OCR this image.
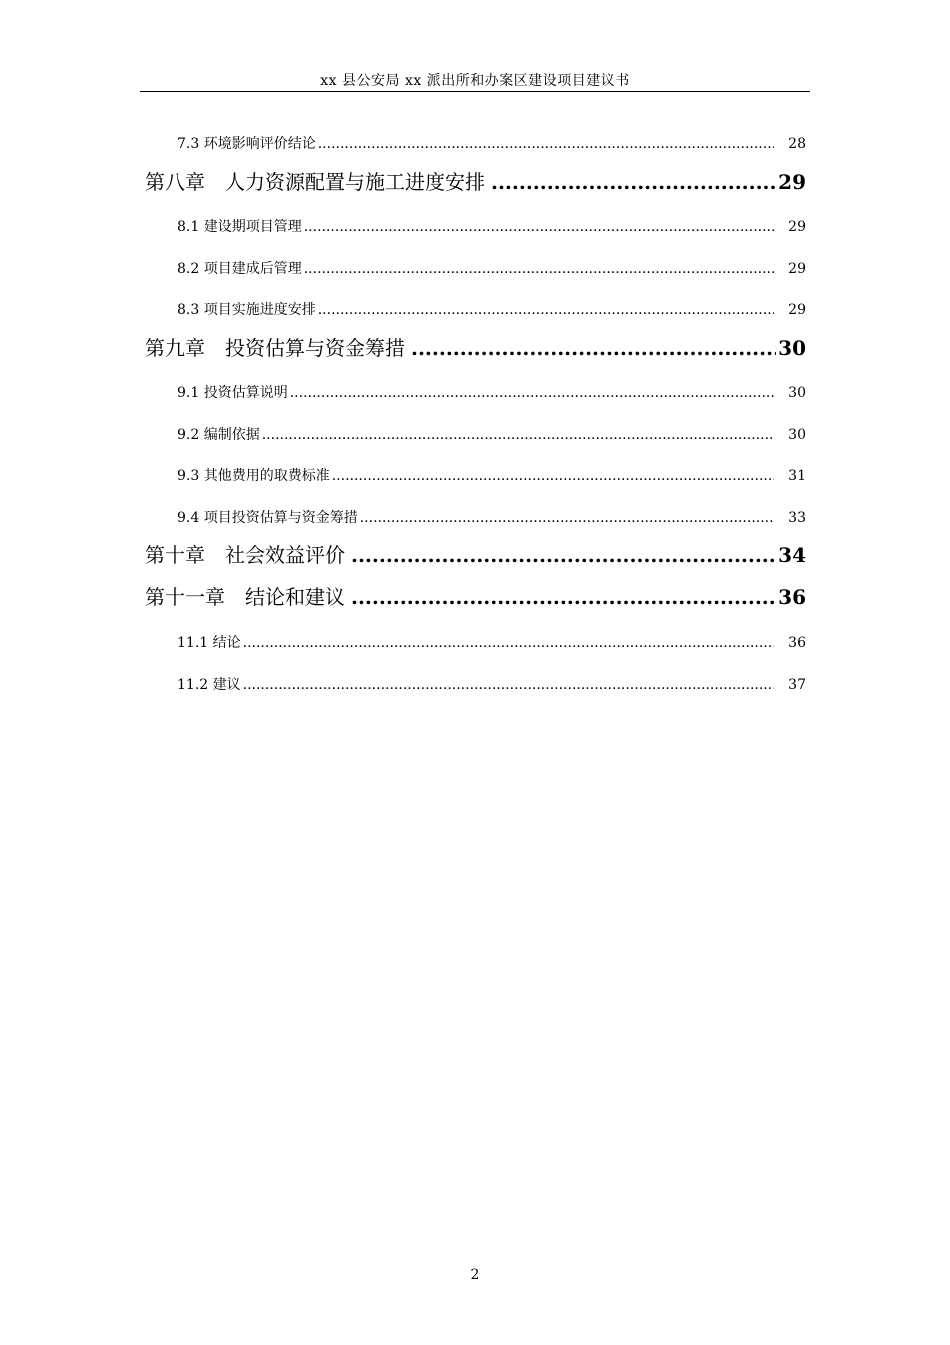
xx 县公安局 xx 派出所和办案区建设项目建议书
7.3 环境影响评价结论 .....	28
第八章　人力资源配置与施工进度安排 .....	29
8.1 建设期项目管理 .....	29
8.2 项目建成后管理 .....	29
8.3 项目实施进度安排 .....	29
第九章　投资估算与资金筹措 .....	30
9.1 投资估算说明 .....	30
9.2 编制依据 .....	30
9.3 其他费用的取费标准 .....	31
9.4 项目投资估算与资金筹措 .....	33
第十章　社会效益评价 .....	34
第十一章　结论和建议 .....	36
11.1 结论 .....	36
11.2 建议 .....	37
2
